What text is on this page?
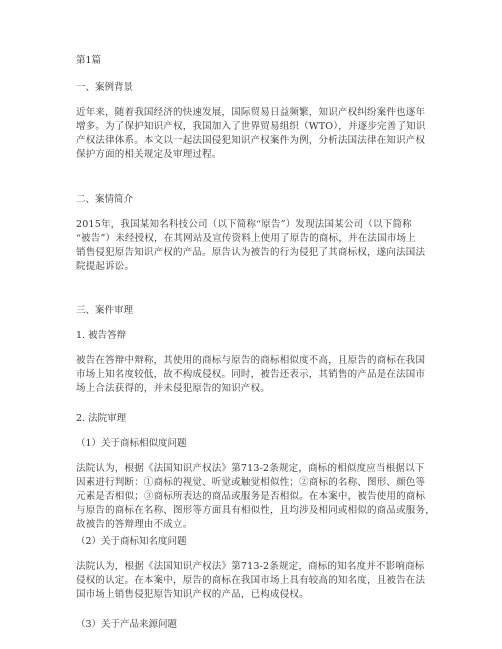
第1篇
一、案例背景
近年来，随着我国经济的快速发展，国际贸易日益频繁，知识产权纠纷案件也逐年
增多。为了保护知识产权，我国加入了世界贸易组织（WTO），并逐步完善了知识
产权法律体系。本文以一起法国侵犯知识产权案件为例，分析法国法律在知识产权
保护方面的相关规定及审理过程。
二、案情简介
2015年，我国某知名科技公司（以下简称“原告”）发现法国某公司（以下简称
“被告”）未经授权，在其网站及宣传资料上使用了原告的商标，并在法国市场上
销售侵犯原告知识产权的产品。原告认为被告的行为侵犯了其商标权，遂向法国法
院提起诉讼。
三、案件审理
1. 被告答辩
被告在答辩中辩称，其使用的商标与原告的商标相似度不高，且原告的商标在我国
市场上知名度较低，故不构成侵权。同时，被告还表示，其销售的产品是在法国市
场上合法获得的，并未侵犯原告的知识产权。
2. 法院审理
（1）关于商标相似度问题
法院认为，根据《法国知识产权法》第713-2条规定，商标的相似度应当根据以下
因素进行判断：①商标的视觉、听觉或触觉相似性；②商标的名称、图形、颜色等
元素是否相似；③商标所表达的商品或服务是否相似。在本案中，被告使用的商标
与原告的商标在名称、图形等方面具有相似性，且均涉及相同或相似的商品或服务，
故被告的答辩理由不成立。
（2）关于商标知名度问题
法院认为，根据《法国知识产权法》第713-2条规定，商标的知名度并不影响商标
侵权的认定。在本案中，原告的商标在我国市场上具有较高的知名度，且被告在法
国市场上销售侵犯原告知识产权的产品，已构成侵权。
（3）关于产品来源问题
